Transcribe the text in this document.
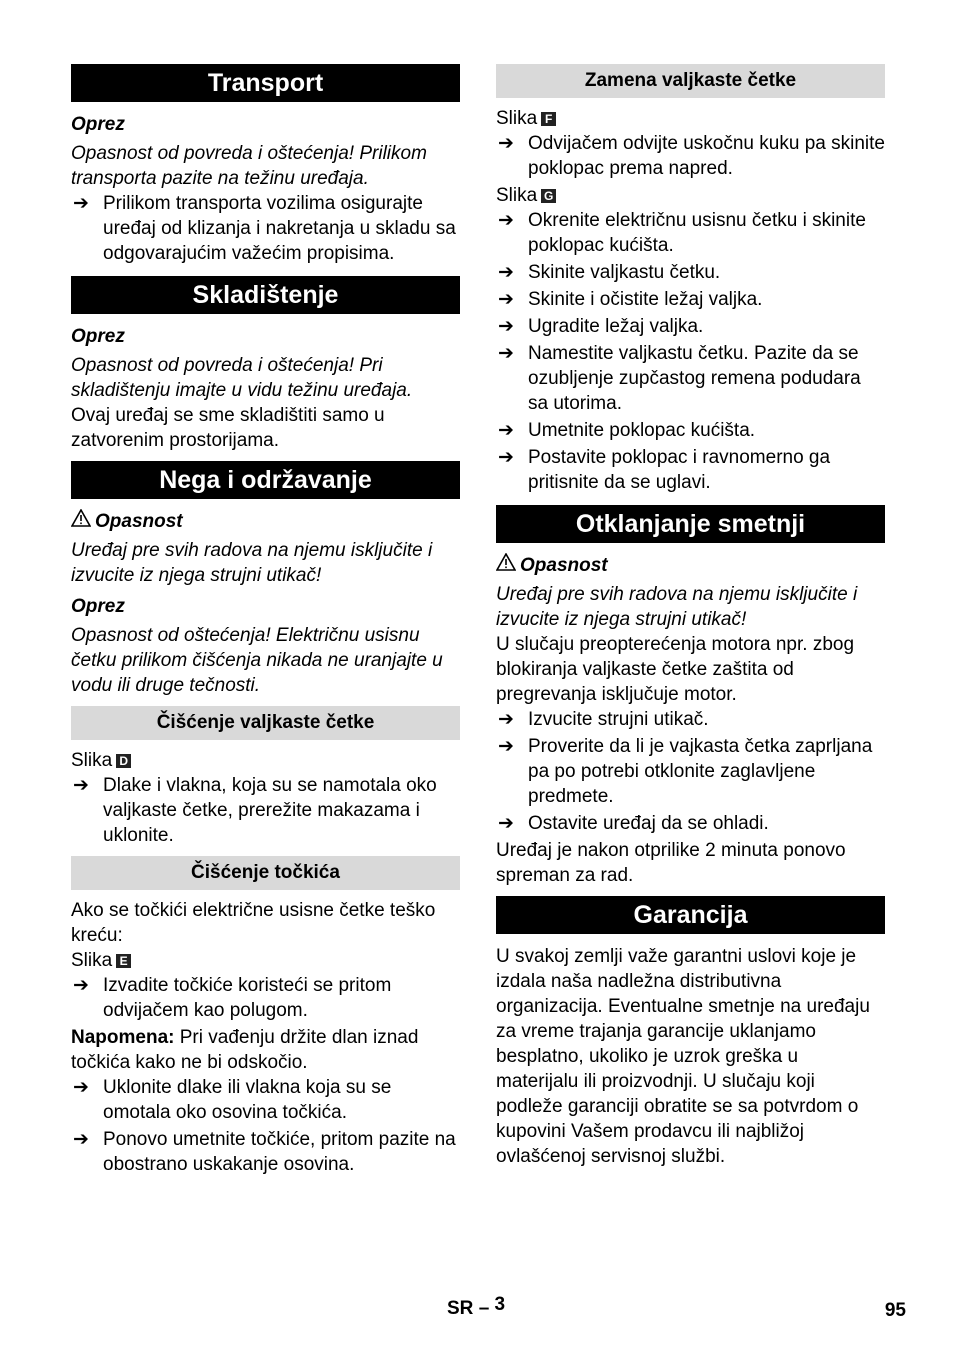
Transport

Oprez

Opasnost od povreda i oštećenja! Prilikom transporta pazite na težinu uređaja.

➔ Prilikom transporta vozilima osigurajte uređaj od klizanja i nakretanja u skladu sa odgovarajućim važećim propisima.
Skladištenje

Oprez

Opasnost od povreda i oštećenja! Pri skladištenju imajte u vidu težinu uređaja.

Ovaj uređaj se sme skladištiti samo u zatvorenim prostorijama.

Nega i održavanje

Opasnost

Uređaj pre svih radova na njemu isključite i izvucite iz njega strujni utikač!

Oprez

Opasnost od oštećenja! Električnu usisnu četku prilikom čišćenja nikada ne uranjajte u vodu ili druge tečnosti.

Čišćenje valjkaste četke

Slika D

➔ Dlake i vlakna, koja su se namotala oko valjkaste četke, prerežite makazama i uklonite.
Čišćenje točkića

Ako se točkići električne usisne četke teško kreću:

Slika E

➔ Izvadite točkiće koristeći se pritom odvijačem kao polugom.

Napomena: Pri vađenju držite dlan iznad točkića kako ne bi odskočio.

➔ Uklonite dlake ili vlakna koja su se omotala oko osovina točkića.
➔ Ponovo umetnite točkiće, pritom pazite na obostrano uskakanje osovina.
Zamena valjkaste četke

Slika F

➔ Odvijačem odvijte uskočnu kuku pa skinite poklopac prema napred.

Slika G

➔ Okrenite električnu usisnu četku i skinite poklopac kućišta.
➔ Skinite valjkastu četku.
➔ Skinite i očistite ležaj valjka.
➔ Ugradite ležaj valjka.
➔ Namestite valjkastu četku. Pazite da se ozubljenje zupčastog remena podudara sa utorima.
➔ Umetnite poklopac kućišta.
➔ Postavite poklopac i ravnomerno ga pritisnite da se uglavi.
Otklanjanje smetnji

Opasnost

Uređaj pre svih radova na njemu isključite i izvucite iz njega strujni utikač!

U slučaju preopterećenja motora npr. zbog blokiranja valjkaste četke zaštita od pregrevanja isključuje motor.

➔ Izvucite strujni utikač.
➔ Proverite da li je vajkasta četka zaprljana pa po potrebi otklonite zaglavljene predmete.
➔ Ostavite uređaj da se ohladi.

Uređaj je nakon otprilike 2 minuta ponovo spreman za rad.

Garancija

U svakoj zemlji važe garantni uslovi koje je izdala naša nadležna distributivna organizacija. Eventualne smetnje na uređaju za vreme trajanja garancije uklanjamo besplatno, ukoliko je uzrok greška u materijalu ili proizvodnji. U slučaju koji podleže garanciji obratite se sa potvrdom o kupovini Vašem prodavcu ili najbližoj ovlašćenoj servisnoj službi.

SR – 3	95
